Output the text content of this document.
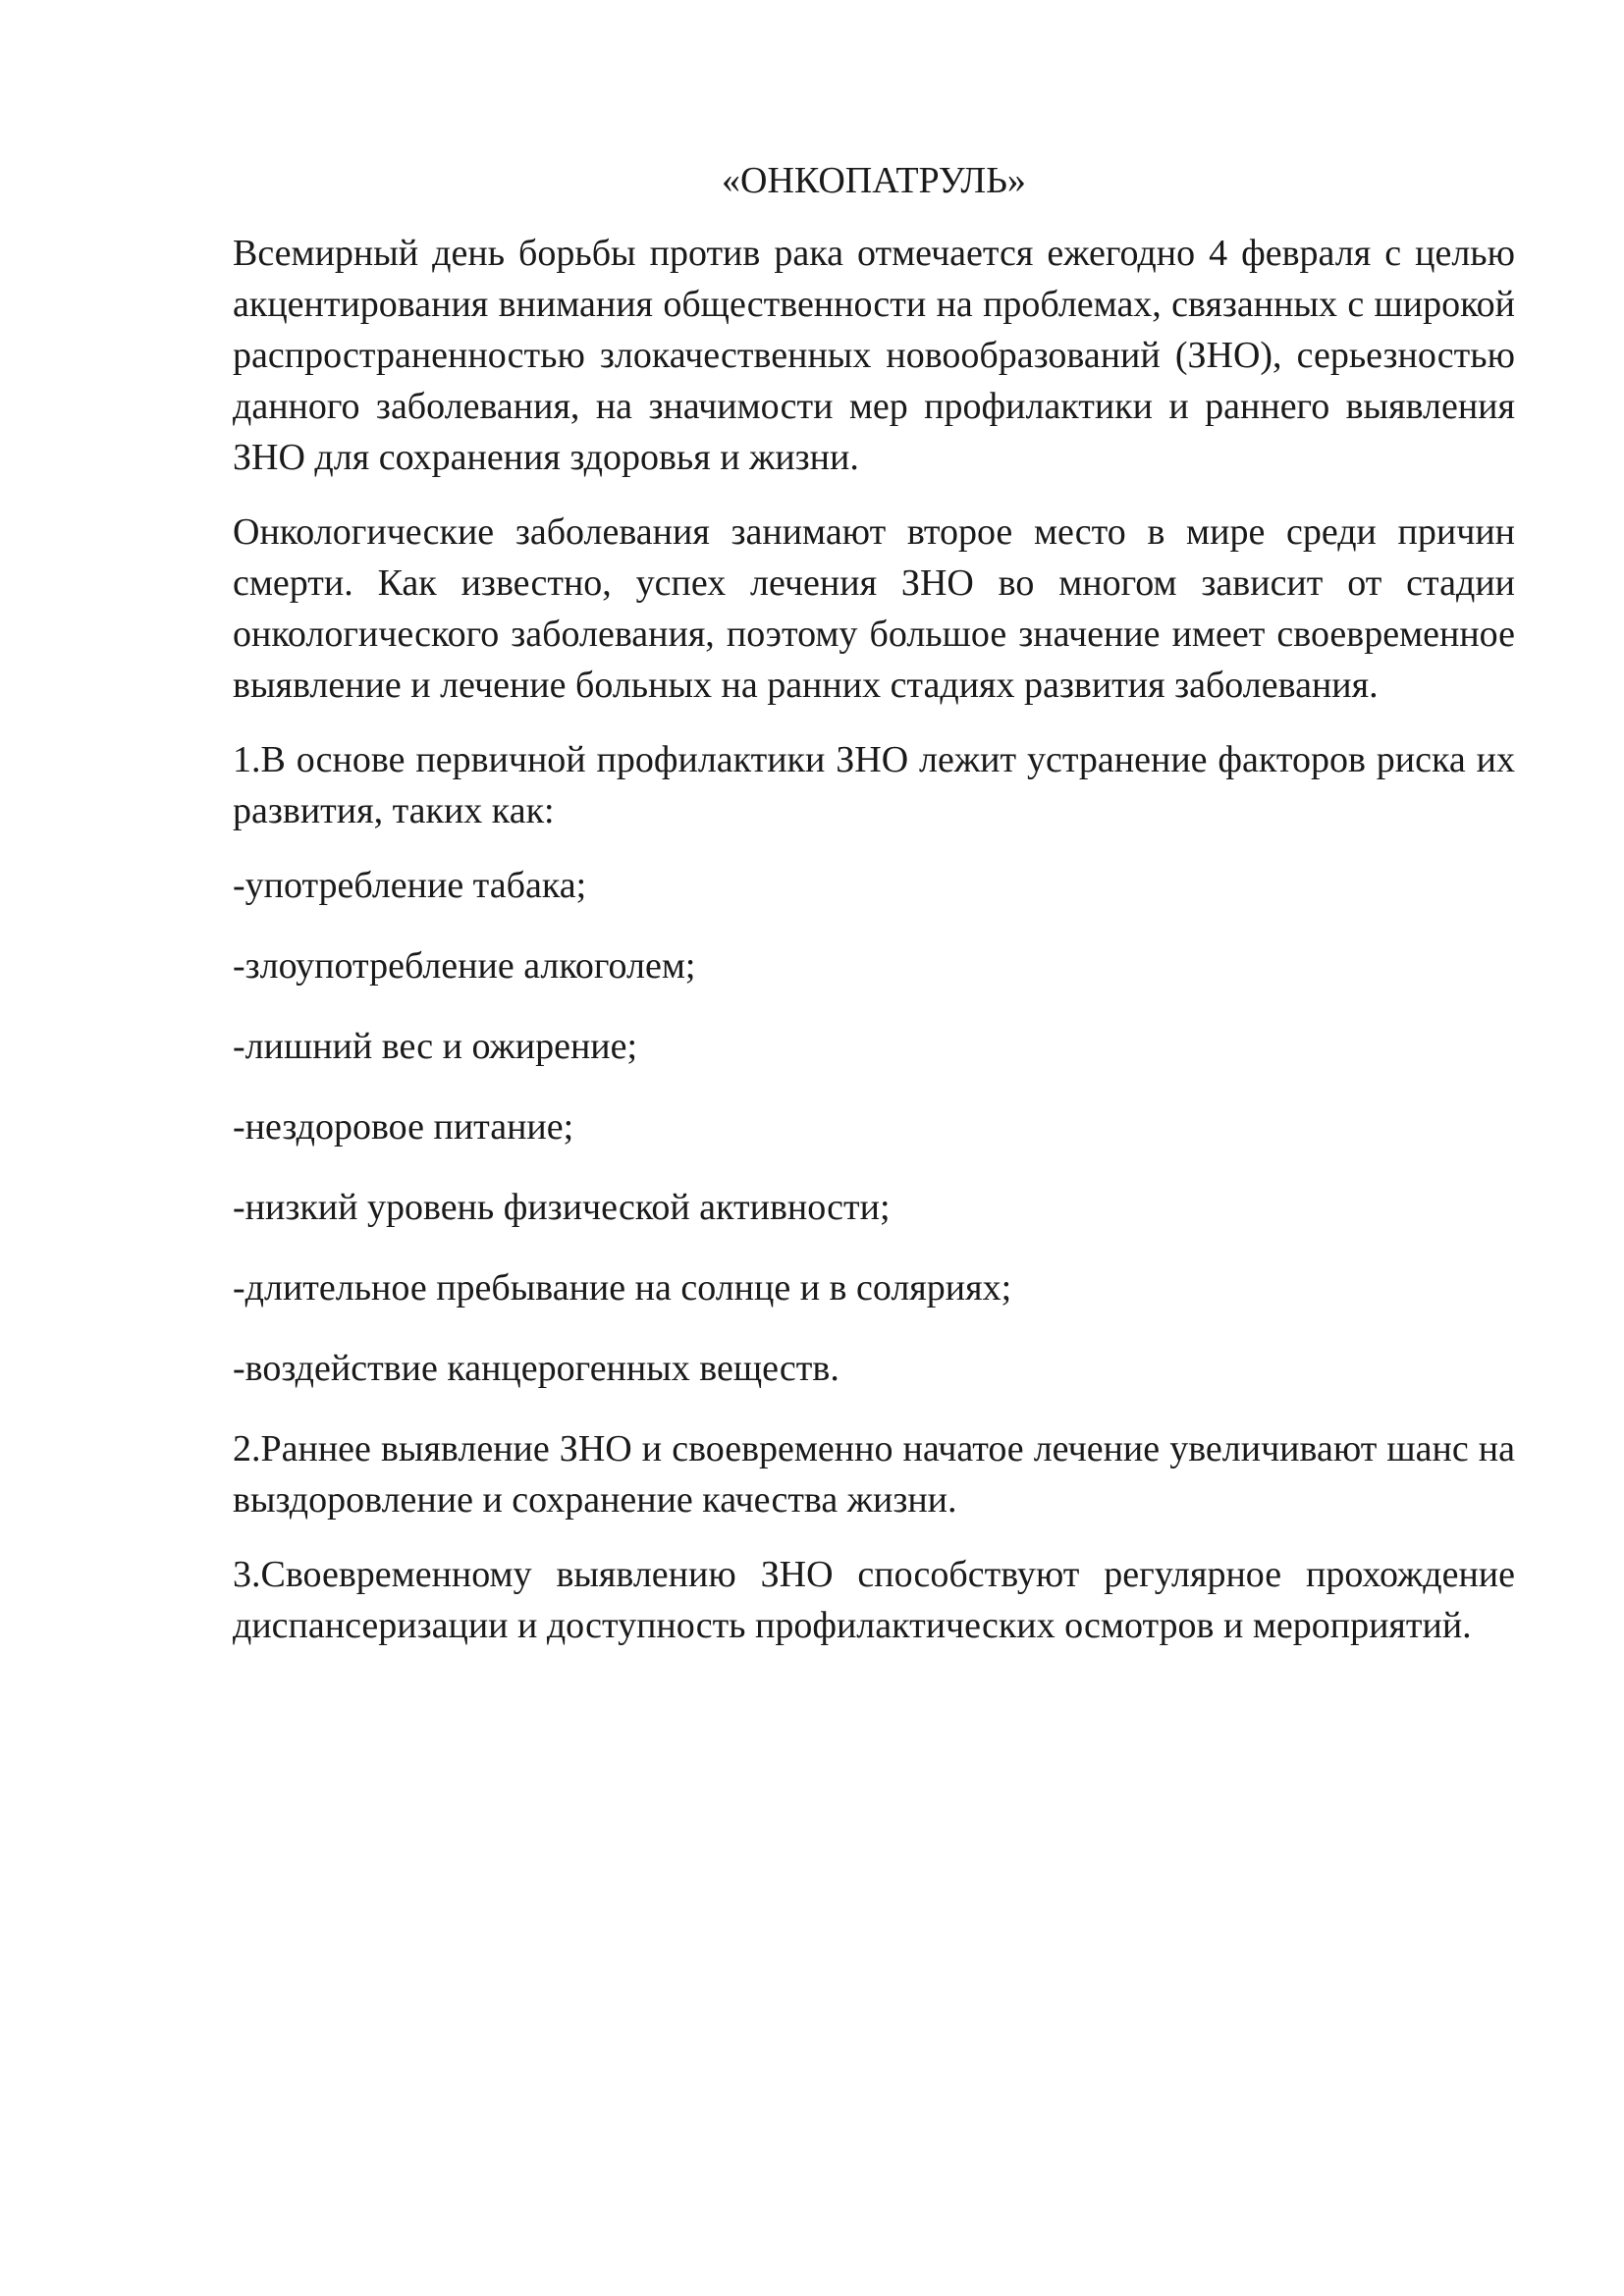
«ОНКОПАТРУЛЬ»

Всемирный день борьбы против рака отмечается ежегодно 4 февраля с целью акцентирования внимания общественности на проблемах, связанных с широкой распространенностью злокачественных новообразований (ЗНО), серьезностью данного заболевания, на значимости мер профилактики и раннего выявления ЗНО для сохранения здоровья и жизни.

Онкологические заболевания занимают второе место в мире среди причин смерти. Как известно, успех лечения ЗНО во многом зависит от стадии онкологического заболевания, поэтому большое значение имеет своевременное выявление и лечение больных на ранних стадиях развития заболевания.

1.В основе первичной профилактики ЗНО лежит устранение факторов риска их развития, таких как:

-употребление табака;
-злоупотребление алкоголем;
-лишний вес и ожирение;
-нездоровое питание;
-низкий уровень физической активности;
-длительное пребывание на солнце и в соляриях;
-воздействие канцерогенных веществ.

2.Раннее выявление ЗНО и своевременно начатое лечение увеличивают шанс на выздоровление и сохранение качества жизни.

3.Своевременному выявлению ЗНО способствуют регулярное прохождение диспансеризации и доступность профилактических осмотров и мероприятий.
